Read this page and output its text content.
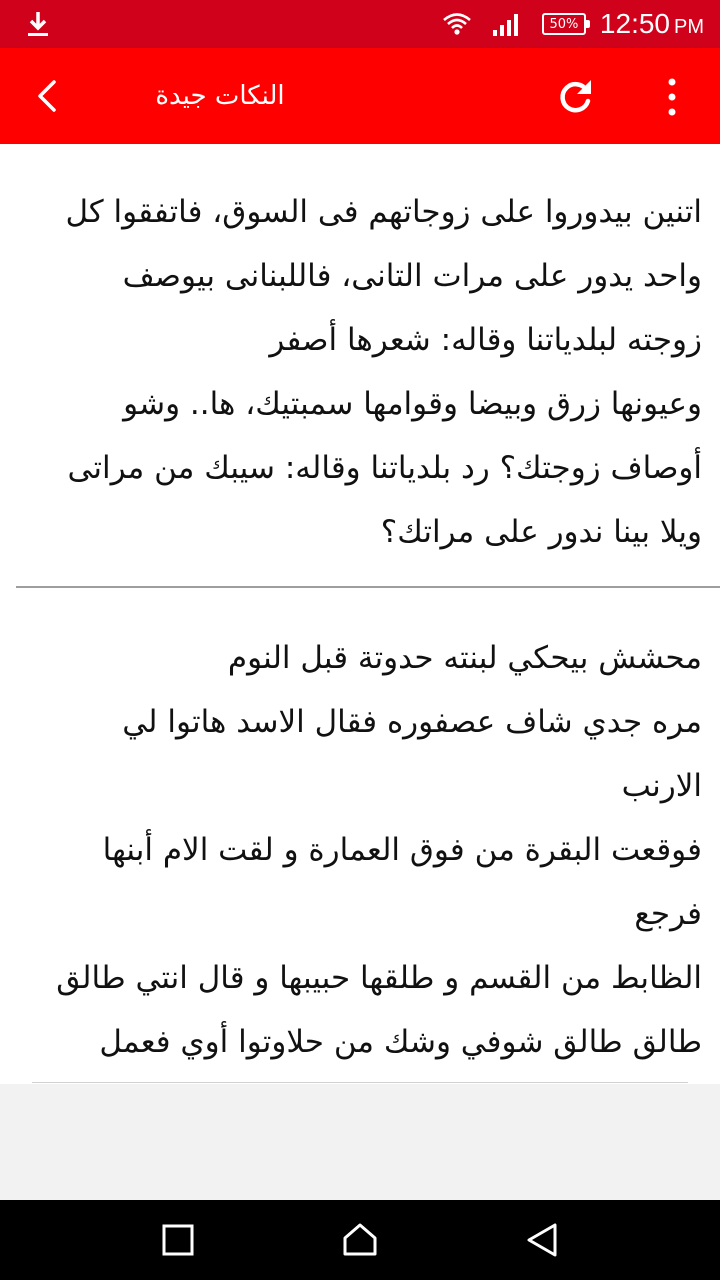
50% 12:50 PM
النكات جيدة

اتنين بيدوروا على زوجاتهم فى السوق، فاتفقوا كل
واحد يدور على مرات التانى، فاللبنانى بيوصف
زوجته لبلدياتنا وقاله: شعرها أصفر
وعيونها زرق وبيضا وقوامها سمبتيك، ها.. وشو
أوصاف زوجتك؟ رد بلدياتنا وقاله: سيبك من مراتى
ويلا بينا ندور على مراتك؟

محشش بيحكي لبنته حدوتة قبل النوم
مره جدي شاف عصفوره فقال الاسد هاتوا لي
الارنب
فوقعت البقرة من فوق العمارة و لقت الام أبنها
فرجع
الظابط من القسم و طلقها حبيبها و قال انتي طالق
طالق طالق شوفي وشك من حلاوتوا أوي فعمل
